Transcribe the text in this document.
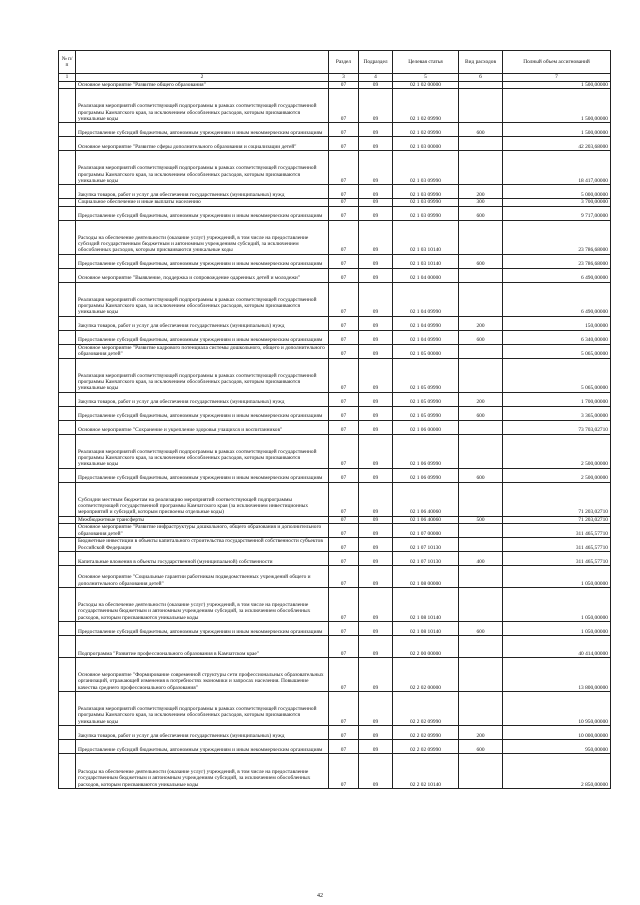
№ п/п		Раздел	Подраздел	Целевая статья	Вид расходов	Полный объем ассигнований
1	2	3	4	5	6	7
	Основное мероприятие "Развитие общего образования"	07	09	02 1 02 00000		1 500,00000
	Реализация мероприятий соответствующей подпрограммы в рамках соответствующей государственной программы Камчатского края, за исключением обособленных расходов, которым присваиваются уникальные коды	07	09	02 1 02 09990		1 500,00000
	Предоставление субсидий бюджетным, автономным учреждениям и иным некоммерческим организациям	07	09	02 1 02 09990	600	1 500,00000
	Основное мероприятие "Развитие сферы дополнительного образования и социализации детей"	07	09	02 1 03 00000		42 203,68000
	Реализация мероприятий соответствующей подпрограммы в рамках соответствующей государственной программы Камчатского края, за исключением обособленных расходов, которым присваиваются уникальные коды	07	09	02 1 03 09990		18 417,00000
	Закупка товаров, работ и услуг для обеспечения государственных (муниципальных) нужд	07	09	02 1 03 09990	200	5 000,00000
	Социальное обеспечение и иные выплаты населению	07	09	02 1 03 09990	300	3 700,00000
	Предоставление субсидий бюджетным, автономным учреждениям и иным некоммерческим организациям	07	09	02 1 03 09990	600	9 717,00000
	Расходы на обеспечение деятельности (оказание услуг) учреждений, в том числе на предоставление субсидий государственным бюджетным и автономным учреждениям субсидий, за исключением обособленных расходов, которым присваиваются уникальные коды	07	09	02 1 03 10140		23 786,68000
	Предоставление субсидий бюджетным, автономным учреждениям и иным некоммерческим организациям	07	09	02 1 03 10140	600	23 786,68000
	Основное мероприятие "Выявление, поддержка и сопровождение одаренных детей и молодежи"	07	09	02 1 04 00000		6 490,00000
	Реализация мероприятий соответствующей подпрограммы в рамках соответствующей государственной программы Камчатского края, за исключением обособленных расходов, которым присваиваются уникальные коды	07	09	02 1 04 09990		6 490,00000
	Закупка товаров, работ и услуг для обеспечения государственных (муниципальных) нужд	07	09	02 1 04 09990	200	150,00000
	Предоставление субсидий бюджетным, автономным учреждениям и иным некоммерческим организациям	07	09	02 1 04 09990	600	6 340,00000
	Основное мероприятие "Развитие кадрового потенциала системы дошкольного, общего и дополнительного образования детей"	07	09	02 1 05 00000		5 065,00000
	Реализация мероприятий соответствующей подпрограммы в рамках соответствующей государственной программы Камчатского края, за исключением обособленных расходов, которым присваиваются уникальные коды	07	09	02 1 05 09990		5 065,00000
	Закупка товаров, работ и услуг для обеспечения государственных (муниципальных) нужд	07	09	02 1 05 09990	200	1 700,00000
	Предоставление субсидий бюджетным, автономным учреждениям и иным некоммерческим организациям	07	09	02 1 05 09990	600	3 365,00000
	Основное мероприятие "Сохранение и укрепление здоровья учащихся и воспитанников"	07	09	02 1 06 00000		73 703,02710
	Реализация мероприятий соответствующей подпрограммы в рамках соответствующей государственной программы Камчатского края, за исключением обособленных расходов, которым присваиваются уникальные коды	07	09	02 1 06 09990		2 500,00000
	Предоставление субсидий бюджетным, автономным учреждениям и иным некоммерческим организациям	07	09	02 1 06 09990	600	2 500,00000
	Субсидии местным бюджетам на реализацию мероприятий соответствующей подпрограммы соответствующей государственной программы Камчатского края (за исключением инвестиционных мероприятий и субсидий, которым присвоены отдельные коды)	07	09	02 1 06 40060		71 203,02710
	Межбюджетные трансферты	07	09	02 1 06 40060	500	71 203,02710
	Основное мероприятие "Развитие инфраструктуры дошкольного, общего образования и дополнительного образования детей"	07	09	02 1 07 00000		311 465,57710
	Бюджетные инвестиции в объекты капитального строительства государственной собственности субъектов Российской Федерации	07	09	02 1 07 10130		311 465,57710
	Капитальные вложения в объекты государственной (муниципальной) собственности	07	09	02 1 07 10130	400	311 465,57710
	Основное мероприятие "Социальные гарантии работникам подведомственных учреждений общего и дополнительного образования детей"	07	09	02 1 08 00000		1 050,00000
	Расходы на обеспечение деятельности (оказание услуг) учреждений, в том числе на предоставление государственным бюджетным и автономным учреждениям субсидий, за исключением обособленных расходов, которым присваиваются уникальные коды	07	09	02 1 08 10140		1 050,00000
	Предоставление субсидий бюджетным, автономным учреждениям и иным некоммерческим организациям	07	09	02 1 08 10140	600	1 050,00000
	Подпрограмма "Развитие профессионального образования в Камчатском крае"	07	09	02 2 00 00000		40 414,00000
	Основное мероприятие "Формирование современной структуры сети профессиональных образовательных организаций, отражающей изменения в потребностях экономики и запросах населения. Повышение качества среднего профессионального образования"	07	09	02 2 02 00000		13 800,00000
	Реализация мероприятий соответствующей подпрограммы в рамках соответствующей государственной программы Камчатского края, за исключением обособленных расходов, которым присваиваются уникальные коды	07	09	02 2 02 09990		10 950,00000
	Закупка товаров, работ и услуг для обеспечения государственных (муниципальных) нужд	07	09	02 2 02 09990	200	10 000,00000
	Предоставление субсидий бюджетным, автономным учреждениям и иным некоммерческим организациям	07	09	02 2 02 09990	600	950,00000
	Расходы на обеспечение деятельности (оказание услуг) учреждений, в том числе на предоставление государственным бюджетным и автономным учреждениям субсидий, за исключением обособленных расходов, которым присваиваются уникальные коды	07	09	02 2 02 10140		2 850,00000
42
